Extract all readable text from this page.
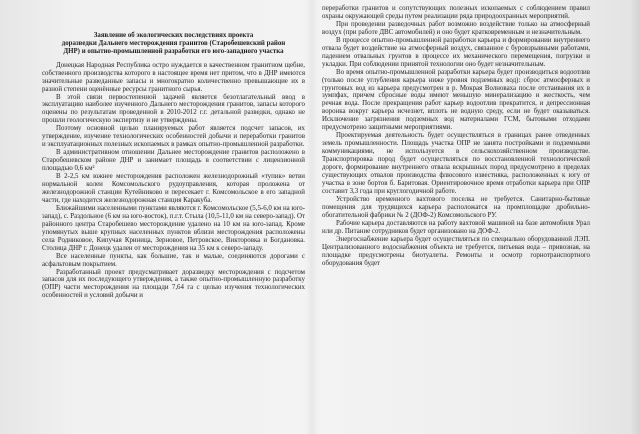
Заявление об экологических последствиях проекта
доразведки Дальнего месторождения гранитов (Старобешевский район
ДНР) и опытно-промышленной разработки его юго-западного участка

Донецкая Народная Республика остро нуждается в качественном гранитном щебне, собственного производства которого в настоящее время нет притом, что в ДНР имеются значительные разведанные запасы и многократно количественно превышающие их в разной степени оценённые ресурсы гранитного сырья.

В этой связи первостепенной задачей является безотлагательный ввод в эксплуатацию наиболее изученного Дальнего месторождения гранитов, запасы которого оценены по результатам проведенной в 2010-2012 г.г. детальной разведки, однако не прошли геологическую экспертизу и не утверждены.

Поэтому основной целью планируемых работ является подсчет запасов, их утверждение, изучение технологических особенностей добычи и переработки гранитов и эксплуатационных полезных ископаемых в рамках опытно-промышленной разработки.

В административном отношении Дальнее месторождение гранитов расположено в Старобешевском районе ДНР и занимает площадь в соответствии с лицензионной площадью 0,6 км²

В 2-2,5 км южнее месторождения расположен железнодорожный «тупик» ветви нормальной колеи Комсомольского рудоуправления, которая проложена от железнодорожной станции Кутейниково и пересекает г. Комсомольское в его западной части, где находится железнодорожная станция Каракуба.

Ближайшими населенными пунктами являются г. Комсомольское (5,5-6,0 км на юго-запад), с. Раздольное (6 км на юго-восток), п.г.т. Стыла (10,5-11,0 км на северо-запад). От районного центра Старобешево месторождение удалено на 10 км на юго-запад. Кроме упомянутых выше крупных населенных пунктов вблизи месторождения расположены села Родниковое, Кипучая Криница, Зерновое, Петровское, Викторовка и Богдановка. Столица ДНР г. Донецк удален от месторождения на 35 км к северо-западу.

Все населенные пункты, как большие, так и малые, соединяются дорогами с асфальтовым покрытием.

Разработанный проект предусматривает доразведку месторождения с подсчетом запасов для их последующего утверждения, а также опытно-промышленную разработку (ОПР) части месторождения на площади 7,64 га с целью изучения технологических особенностей и условий добычи и

переработки гранитов и сопутствующих полезных ископаемых с соблюдением правил охраны окружающей среды путем реализации ряда природоохранных мероприятий.

При проведении разведочных работ возможно воздействие только на атмосферный воздух (при работе ДВС автомобилей) и оно будет кратковременным и незначительным.

В процессе опытно-промышленной разработки карьера и формировании внутреннего отвала будет воздействие на атмосферный воздух, связанное с буровзрывными работами, падением отвальных грунтов в процессе их механического перемещения, погрузки и укладки. При соблюдении принятой технологии оно будет незначительным.

Во время опытно-промышленной разработки карьера будет производиться водоотлив (только после углубления карьера ниже уровня подземных вод): сброс атмосферных и грунтовых вод из карьера предусмотрен в р. Мокрая Волноваха после отстаивания их в зумпфах, причем сбросные воды имеют меньшую минерализацию и жесткость, чем речная вода. После прекращения работ карьер водоотлив прекратится, и депрессионная воронка вокруг карьера исчезнет, вплоть не водную среду, если не будет оказываться. Исключение загрязнения подземных вод материалами ГСМ, бытовыми отходами предусмотрено защитными мероприятиями.

Проектируемая деятельность будет осуществляться в границах ранее отведенных земель промышленности. Площадь участка ОПР не занята постройками и подземными коммуникациями, не используется в сельскохозяйственном производстве. Транспортировка пород будет осуществляться по восстановленной технологической дороге, формирование внутреннего отвала вскрышных пород предусмотрено в пределах существующих отвалов производства флюсового известняка, расположенных к югу от участка в зоне бортов б. Баритовая. Ориентировочное время отработки карьера при ОПР составит 3,3 года при круглогодичной работе.

Устройство временного вахтового поселка не требуется. Санитарно-бытовые помещения для трудящихся карьера расположатся на промплощадке дробильно-обогатительной фабрики № 2 (ДОФ-2) Комсомольского РУ.

Рабочие карьера доставляются на работу вахтовой машиной на базе автомобиля Урал или др. Питание сотрудников будет организовано на ДОФ-2.

Энергоснабжение карьера будет осуществляться по специально оборудованной ЛЭП. Централизованного водоснабжения объекта не требуется, питьевая вода – привозная, на площадке предусмотрены биотуалеты. Ремонты и осмотр горнотранспортного оборудования будет
